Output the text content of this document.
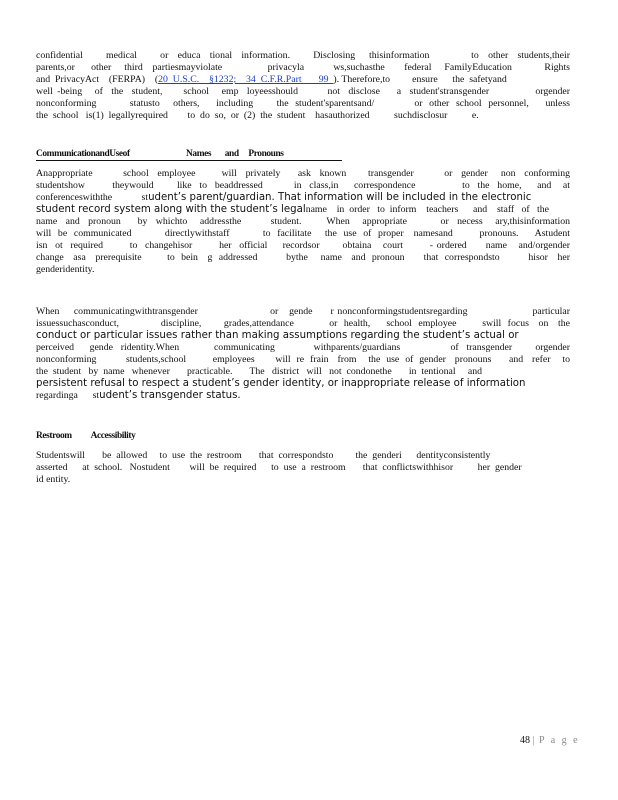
confidential     medical     or  educa  tional  information.     Disclosing   thisinformation         to  other  students,their
parents,or     other    third   partiesmayviolate              privacyla         ws,suchasthe      federal    FamilyEducation          Rights
and  PrivacyAct    (FERPA)    (20  U.S.C.    §1232;    34  C.F.R.Part       99  ). Therefore,to         ensure      the  safetyand
well -being   of  the  student,     school   emp  loyeesshould       not  disclose    a  student'stransgender           orgender
nonconforming          statusto    others,     including       the  student'sparentsand/            or  other  school  personnel,     unless
the  school   is(1)  legallyrequired        to  do  so,  or  (2)  the  student    hasauthorized          suchdisclosur          e.
CommunicationandUseof                             Names       and     Pronouns
Anappropriate       school  employee      will  privately    ask  known     transgender       or  gender   non  conforming
studentshow       theywould      like  to  beaddressed        in  class,in    correspondence            to  the  home,    and   at
conferenceswiththe            student’s parent/guardian. That information will be included in the electronic
student record system along with the student’s legalname    in  order   to  inform    teachers      and    staff   of   the
name  and  pronoun    by  whichto   addressthe       student.      When   appropriate        or  necess   ary,thisinformation
will  be  communicated          directlywithstaff          to  facilitate    the  use  of  proper   namesand        pronouns.     Astudent
isn  ot  required       to  changehisor       her  official    recordsor      obtaina   court       - ordered     name   and/orgender
change   asa   prerequisite        to  bein   g  addressed         bythe    name   and  pronoun      that  correspondsto         hisor   her
genderidentity.
When    communicatingwithtransgender                    or   gende     r nonconformingstudentsregarding                  particular
issuessuchasconduct,             discipline,       grades,attendance           or  health,     school  employee        swill  focus   on   the
conduct or particular issues rather than making assumptions regarding the student’s actual or
perceived    gende  ridentity.When         communicating          withparents/guardians             of  transgender      orgender
nonconforming          students,school         employees       will  re  frain   from    the  use  of  gender   pronouns      and   refer    to
the  student   by  name   whenever       practicable.       The   district   will   not  condonethe       in  tentional     and
persistent refusal to respect a student’s gender identity, or inappropriate release of information
regardinga      student’s transgender status.
Restroom          Accessibility
Studentswill       be  allowed     to  use  the  restroom       that  correspondsto         the  genderi      dentityconsistently
asserted      at  school.   Nostudent        will  be  required      to  use  a  restroom       that  conflictswithhisor          her  gender
id entity.
48 | P a g e
